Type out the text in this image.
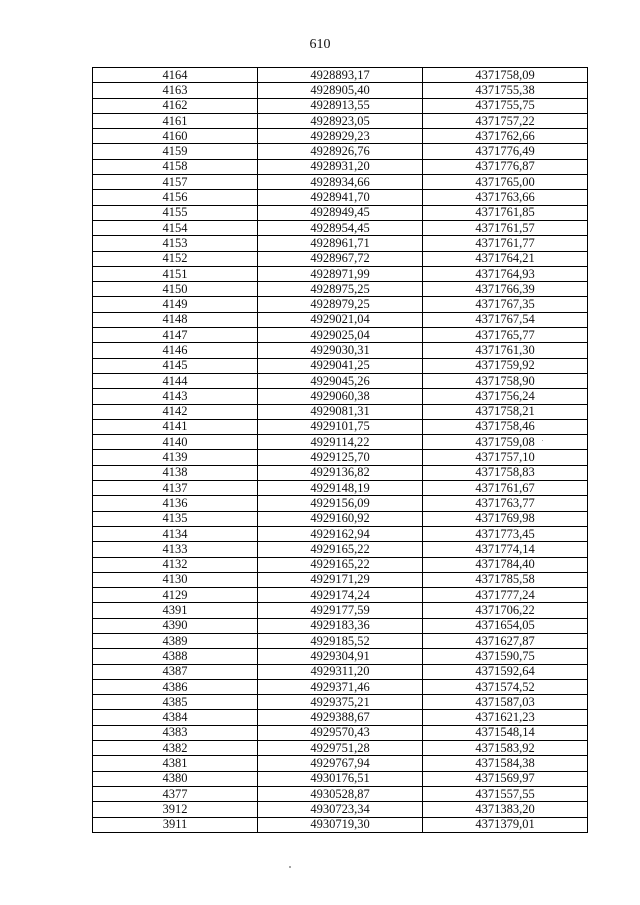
610
4164	4928893,17	4371758,09
4163	4928905,40	4371755,38
4162	4928913,55	4371755,75
4161	4928923,05	4371757,22
4160	4928929,23	4371762,66
4159	4928926,76	4371776,49
4158	4928931,20	4371776,87
4157	4928934,66	4371765,00
4156	4928941,70	4371763,66
4155	4928949,45	4371761,85
4154	4928954,45	4371761,57
4153	4928961,71	4371761,77
4152	4928967,72	4371764,21
4151	4928971,99	4371764,93
4150	4928975,25	4371766,39
4149	4928979,25	4371767,35
4148	4929021,04	4371767,54
4147	4929025,04	4371765,77
4146	4929030,31	4371761,30
4145	4929041,25	4371759,92
4144	4929045,26	4371758,90
4143	4929060,38	4371756,24
4142	4929081,31	4371758,21
4141	4929101,75	4371758,46
4140	4929114,22	4371759,08
4139	4929125,70	4371757,10
4138	4929136,82	4371758,83
4137	4929148,19	4371761,67
4136	4929156,09	4371763,77
4135	4929160,92	4371769,98
4134	4929162,94	4371773,45
4133	4929165,22	4371774,14
4132	4929165,22	4371784,40
4130	4929171,29	4371785,58
4129	4929174,24	4371777,24
4391	4929177,59	4371706,22
4390	4929183,36	4371654,05
4389	4929185,52	4371627,87
4388	4929304,91	4371590,75
4387	4929311,20	4371592,64
4386	4929371,46	4371574,52
4385	4929375,21	4371587,03
4384	4929388,67	4371621,23
4383	4929570,43	4371548,14
4382	4929751,28	4371583,92
4381	4929767,94	4371584,38
4380	4930176,51	4371569,97
4377	4930528,87	4371557,55
3912	4930723,34	4371383,20
3911	4930719,30	4371379,01
